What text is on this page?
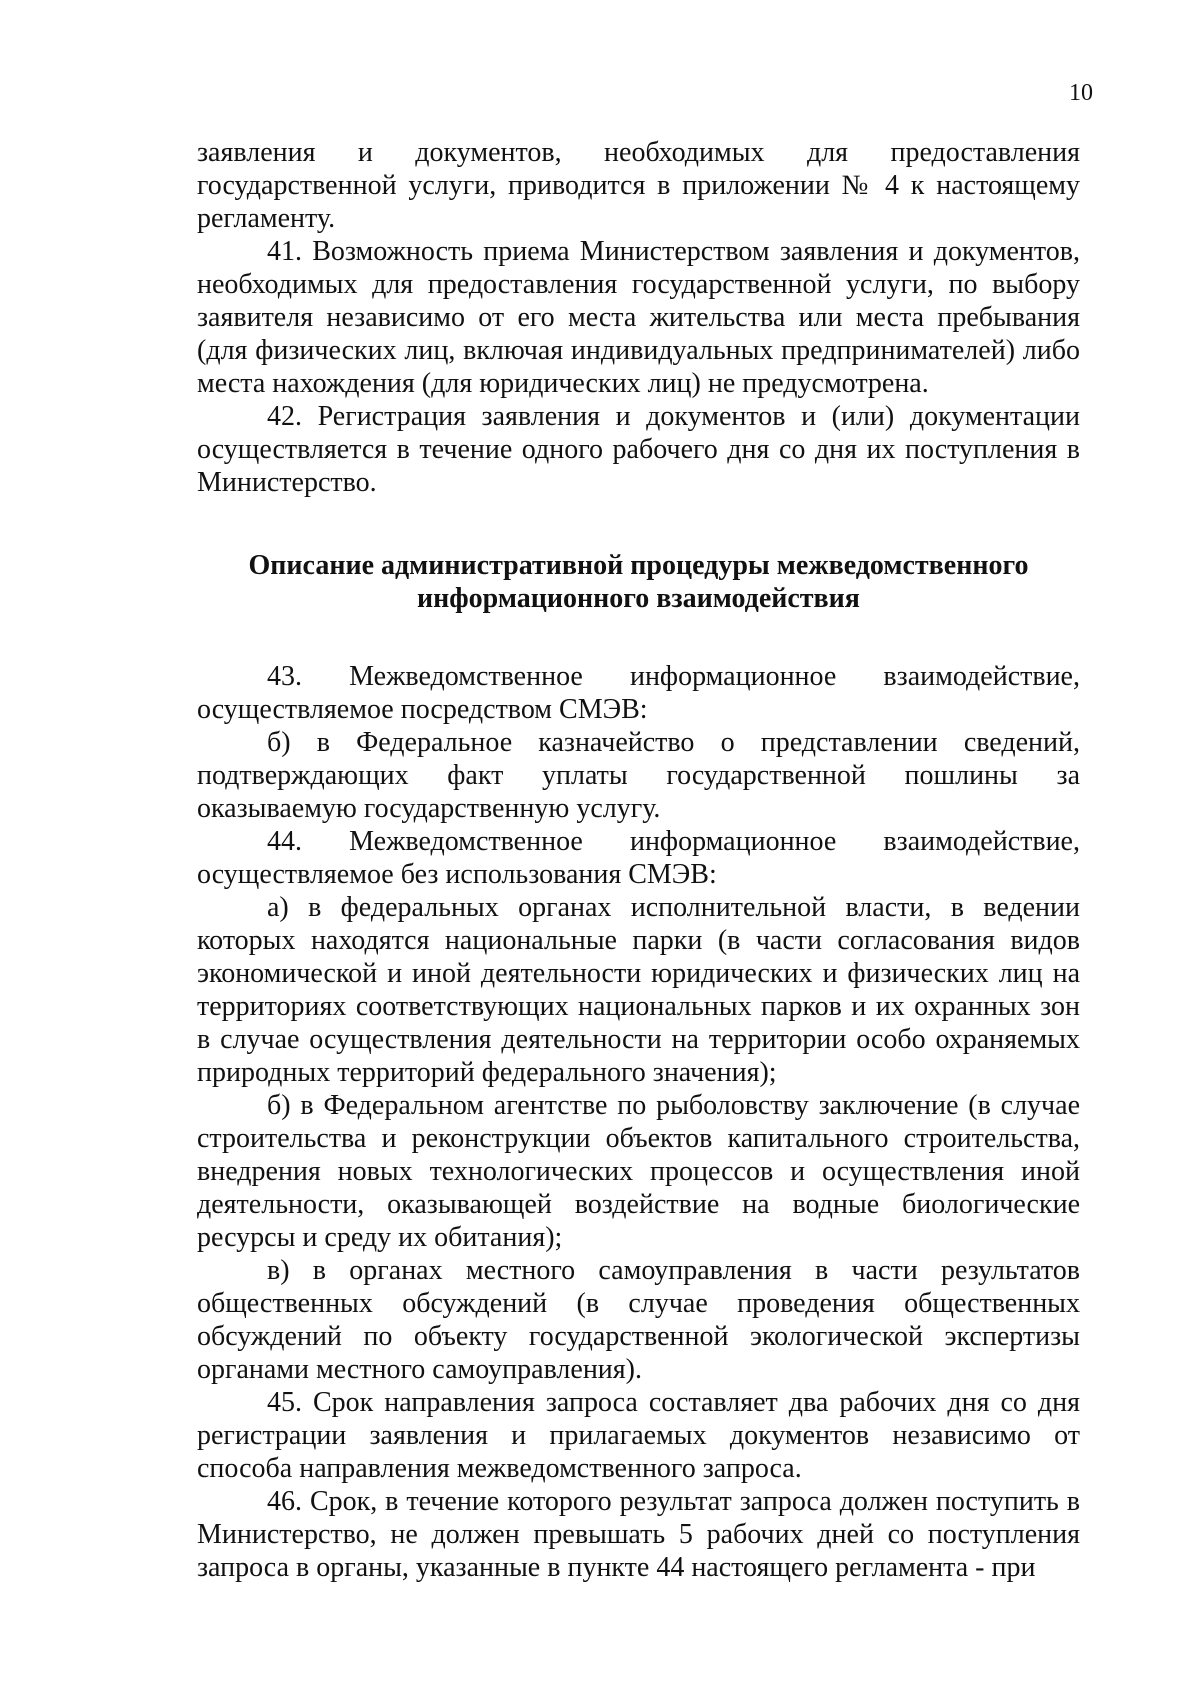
10

заявления и документов, необходимых для предоставления государственной услуги, приводится в приложении № 4 к настоящему регламенту.

41. Возможность приема Министерством заявления и документов, необходимых для предоставления государственной услуги, по выбору заявителя независимо от его места жительства или места пребывания (для физических лиц, включая индивидуальных предпринимателей) либо места нахождения (для юридических лиц) не предусмотрена.

42. Регистрация заявления и документов и (или) документации осуществляется в течение одного рабочего дня со дня их поступления в Министерство.

Описание административной процедуры межведомственного
информационного взаимодействия

43. Межведомственное информационное взаимодействие, осуществляемое посредством СМЭВ:

б) в Федеральное казначейство о представлении сведений, подтверждающих факт уплаты государственной пошлины за оказываемую государственную услугу.

44. Межведомственное информационное взаимодействие, осуществляемое без использования СМЭВ:

а) в федеральных органах исполнительной власти, в ведении которых находятся национальные парки (в части согласования видов экономической и иной деятельности юридических и физических лиц на территориях соответствующих национальных парков и их охранных зон в случае осуществления деятельности на территории особо охраняемых природных территорий федерального значения);

б) в Федеральном агентстве по рыболовству заключение (в случае строительства и реконструкции объектов капитального строительства, внедрения новых технологических процессов и осуществления иной деятельности, оказывающей воздействие на водные биологические ресурсы и среду их обитания);

в) в органах местного самоуправления в части результатов общественных обсуждений (в случае проведения общественных обсуждений по объекту государственной экологической экспертизы органами местного самоуправления).

45. Срок направления запроса составляет два рабочих дня со дня регистрации заявления и прилагаемых документов независимо от способа направления межведомственного запроса.

46. Срок, в течение которого результат запроса должен поступить в Министерство, не должен превышать 5 рабочих дней со поступления запроса в органы, указанные в пункте 44 настоящего регламента - при
